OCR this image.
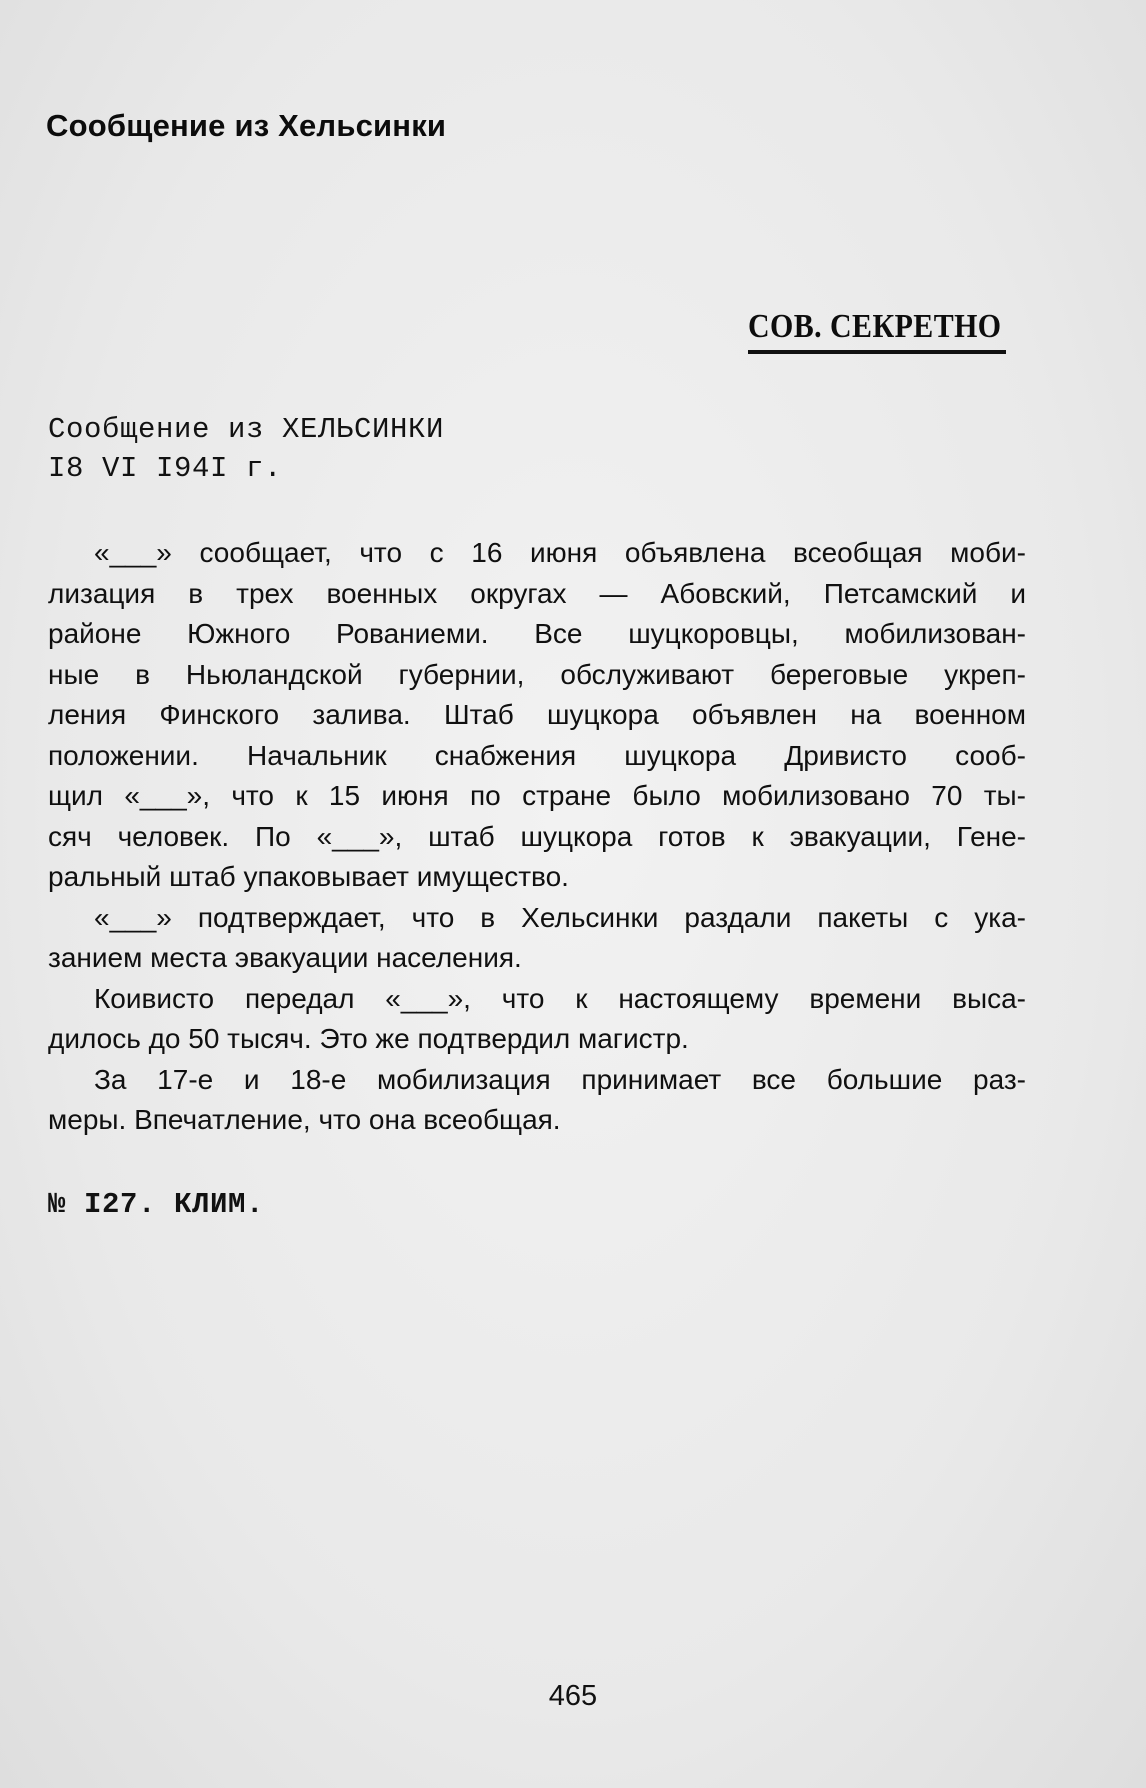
Сообщение из Хельсинки
СОВ. СЕКРЕТНО
Сообщение из ХЕЛЬСИНКИ
I8 VI I94I г.
«___» сообщает, что с 16 июня объявлена всеобщая моби-
лизация в трех военных округах — Абовский, Петсамский и
районе Южного Рованиеми. Все шуцкоровцы, мобилизован-
ные в Ньюландской губернии, обслуживают береговые укреп-
ления Финского залива. Штаб шуцкора объявлен на военном
положении. Начальник снабжения шуцкора Дривисто сооб-
щил «___», что к 15 июня по стране было мобилизовано 70 ты-
сяч человек. По «___», штаб шуцкора готов к эвакуации, Гене-
ральный штаб упаковывает имущество.
«___» подтверждает, что в Хельсинки раздали пакеты с ука-
занием места эвакуации населения.
Коивисто передал «___», что к настоящему времени выса-
дилось до 50 тысяч. Это же подтвердил магистр.
За 17-е и 18-е мобилизация принимает все большие раз-
меры. Впечатление, что она всеобщая.
№ I27. КЛИМ.
465
